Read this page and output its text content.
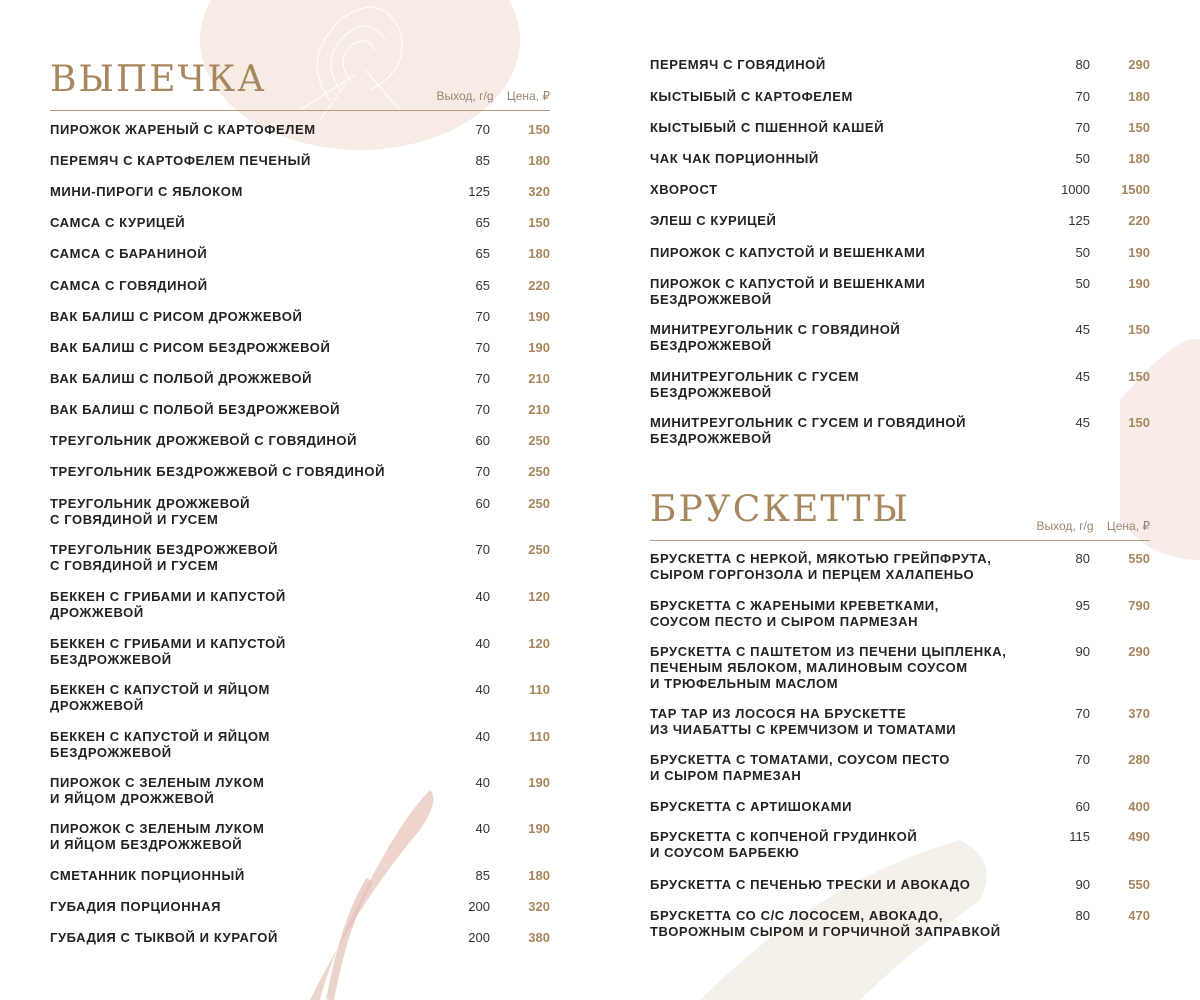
ВЫПЕЧКА	Выход, г/g Цена, ₽
ПИРОЖОК ЖАРЕНЫЙ С КАРТОФЕЛЕМ	70	150
ПЕРЕМЯЧ С КАРТОФЕЛЕМ ПЕЧЕНЫЙ	85	180
МИНИ-ПИРОГИ С ЯБЛОКОМ	125	320
САМСА С КУРИЦЕЙ	65	150
САМСА С БАРАНИНОЙ	65	180
САМСА С ГОВЯДИНОЙ	65	220
ВАК БАЛИШ С РИСОМ ДРОЖЖЕВОЙ	70	190
ВАК БАЛИШ С РИСОМ БЕЗДРОЖЖЕВОЙ	70	190
ВАК БАЛИШ С ПОЛБОЙ ДРОЖЖЕВОЙ	70	210
ВАК БАЛИШ С ПОЛБОЙ БЕЗДРОЖЖЕВОЙ	70	210
ТРЕУГОЛЬНИК ДРОЖЖЕВОЙ С ГОВЯДИНОЙ	60	250
ТРЕУГОЛЬНИК БЕЗДРОЖЖЕВОЙ С ГОВЯДИНОЙ	70	250
ТРЕУГОЛЬНИК ДРОЖЖЕВОЙ
С ГОВЯДИНОЙ И ГУСЕМ
60	250
ТРЕУГОЛЬНИК БЕЗДРОЖЖЕВОЙ
С ГОВЯДИНОЙ И ГУСЕМ
70	250
БЕККЕН С ГРИБАМИ И КАПУСТОЙ
ДРОЖЖЕВОЙ
40	120
БЕККЕН С ГРИБАМИ И КАПУСТОЙ
БЕЗДРОЖЖЕВОЙ
40	120
БЕККЕН С КАПУСТОЙ И ЯЙЦОМ
ДРОЖЖЕВОЙ
40	110
БЕККЕН С КАПУСТОЙ И ЯЙЦОМ
БЕЗДРОЖЖЕВОЙ
40	110
ПИРОЖОК С ЗЕЛЕНЫМ ЛУКОМ
И ЯЙЦОМ ДРОЖЖЕВОЙ
40	190
ПИРОЖОК С ЗЕЛЕНЫМ ЛУКОМ
И ЯЙЦОМ БЕЗДРОЖЖЕВОЙ
40	190
СМЕТАННИК ПОРЦИОННЫЙ	85	180
ГУБАДИЯ ПОРЦИОННАЯ	200	320
ГУБАДИЯ С ТЫКВОЙ И КУРАГОЙ	200	380
ПЕРЕМЯЧ С ГОВЯДИНОЙ	80	290
КЫСТЫБЫЙ С КАРТОФЕЛЕМ	70	180
КЫСТЫБЫЙ С ПШЕННОЙ КАШЕЙ	70	150
ЧАК ЧАК ПОРЦИОННЫЙ	50	180
ХВОРОСТ	1000 1500
ЭЛЕШ С КУРИЦЕЙ	125	220
ПИРОЖОК С КАПУСТОЙ И ВЕШЕНКАМИ	50	190
ПИРОЖОК С КАПУСТОЙ И ВЕШЕНКАМИ
БЕЗДРОЖЖЕВОЙ
50	190
МИНИТРЕУГОЛЬНИК С ГОВЯДИНОЙ
БЕЗДРОЖЖЕВОЙ
45	150
МИНИТРЕУГОЛЬНИК С ГУСЕМ
БЕЗДРОЖЖЕВОЙ
45	150
МИНИТРЕУГОЛЬНИК С ГУСЕМ И ГОВЯДИНОЙ
БЕЗДРОЖЖЕВОЙ
45	150
БРУСКЕТТЫ	Выход, г/g Цена, ₽
БРУСКЕТТА С НЕРКОЙ, МЯКОТЬЮ ГРЕЙПФРУТА,
СЫРОМ ГОРГОНЗОЛА И ПЕРЦЕМ ХАЛАПЕНЬО
80	550
БРУСКЕТТА С ЖАРЕНЫМИ КРЕВЕТКАМИ,
СОУСОМ ПЕСТО И СЫРОМ ПАРМЕЗАН
95	790
БРУСКЕТТА С ПАШТЕТОМ ИЗ ПЕЧЕНИ ЦЫПЛЕНКА,
ПЕЧЕНЫМ ЯБЛОКОМ, МАЛИНОВЫМ СОУСОМ
И ТРЮФЕЛЬНЫМ МАСЛОМ
90	290
ТАР ТАР ИЗ ЛОСОСЯ НА БРУСКЕТТЕ
ИЗ ЧИАБАТТЫ С КРЕМЧИЗОМ И ТОМАТАМИ
70	370
БРУСКЕТТА С ТОМАТАМИ, СОУСОМ ПЕСТО
И СЫРОМ ПАРМЕЗАН
70	280
БРУСКЕТТА С АРТИШОКАМИ	60	400
БРУСКЕТТА С КОПЧЕНОЙ ГРУДИНКОЙ
И СОУСОМ БАРБЕКЮ
115	490
БРУСКЕТТА С ПЕЧЕНЬЮ ТРЕСКИ И АВОКАДО	90	550
БРУСКЕТТА СО С/С ЛОСОСЕМ, АВОКАДО,
ТВОРОЖНЫМ СЫРОМ И ГОРЧИЧНОЙ ЗАПРАВКОЙ
80	470
